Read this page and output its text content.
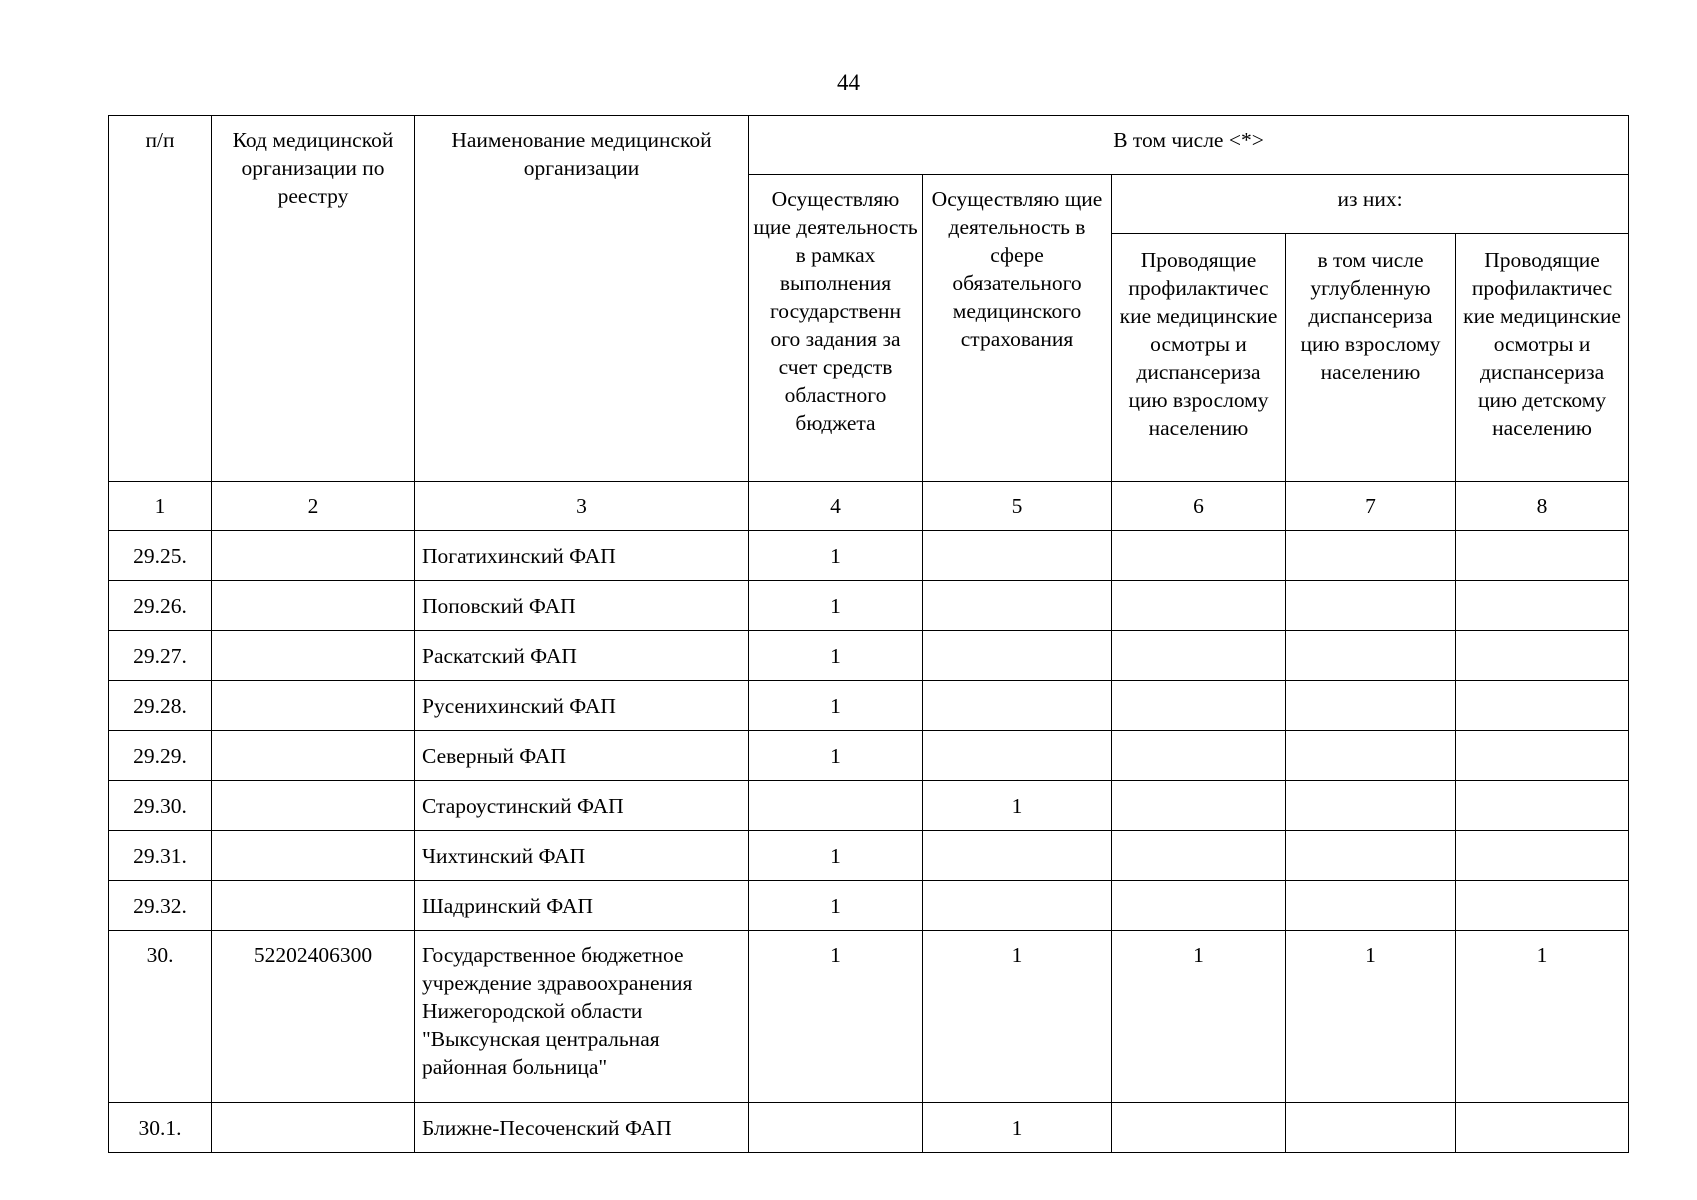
44
п/п	Код медицинской организации по реестру	Наименование медицинской организации	В том числе <*>				
			Осуществляю щие деятельность в рамках выполнения государственн ого задания за счет средств областного бюджета	Осуществляю щие деятельность в сфере обязательного медицинского страхования	из них:		
					Проводящие профилактичес кие медицинские осмотры и диспансериза цию взрослому населению	в том числе углубленную диспансериза цию взрослому населению	Проводящие профилактичес кие медицинские осмотры и диспансериза цию детскому населению
1	2	3	4	5	6	7	8
29.25.		Погатихинский ФАП	1				
29.26.		Поповский ФАП	1				
29.27.		Раскатский ФАП	1				
29.28.		Русенихинский ФАП	1				
29.29.		Северный ФАП	1				
29.30.		Староустинский ФАП		1			
29.31.		Чихтинский ФАП	1				
29.32.		Шадринский ФАП	1				
30.	52202406300	Государственное бюджетное учреждение здравоохранения Нижегородской области "Выксунская центральная районная больница"	1	1	1	1	1
30.1.		Ближне-Песоченский ФАП		1			
